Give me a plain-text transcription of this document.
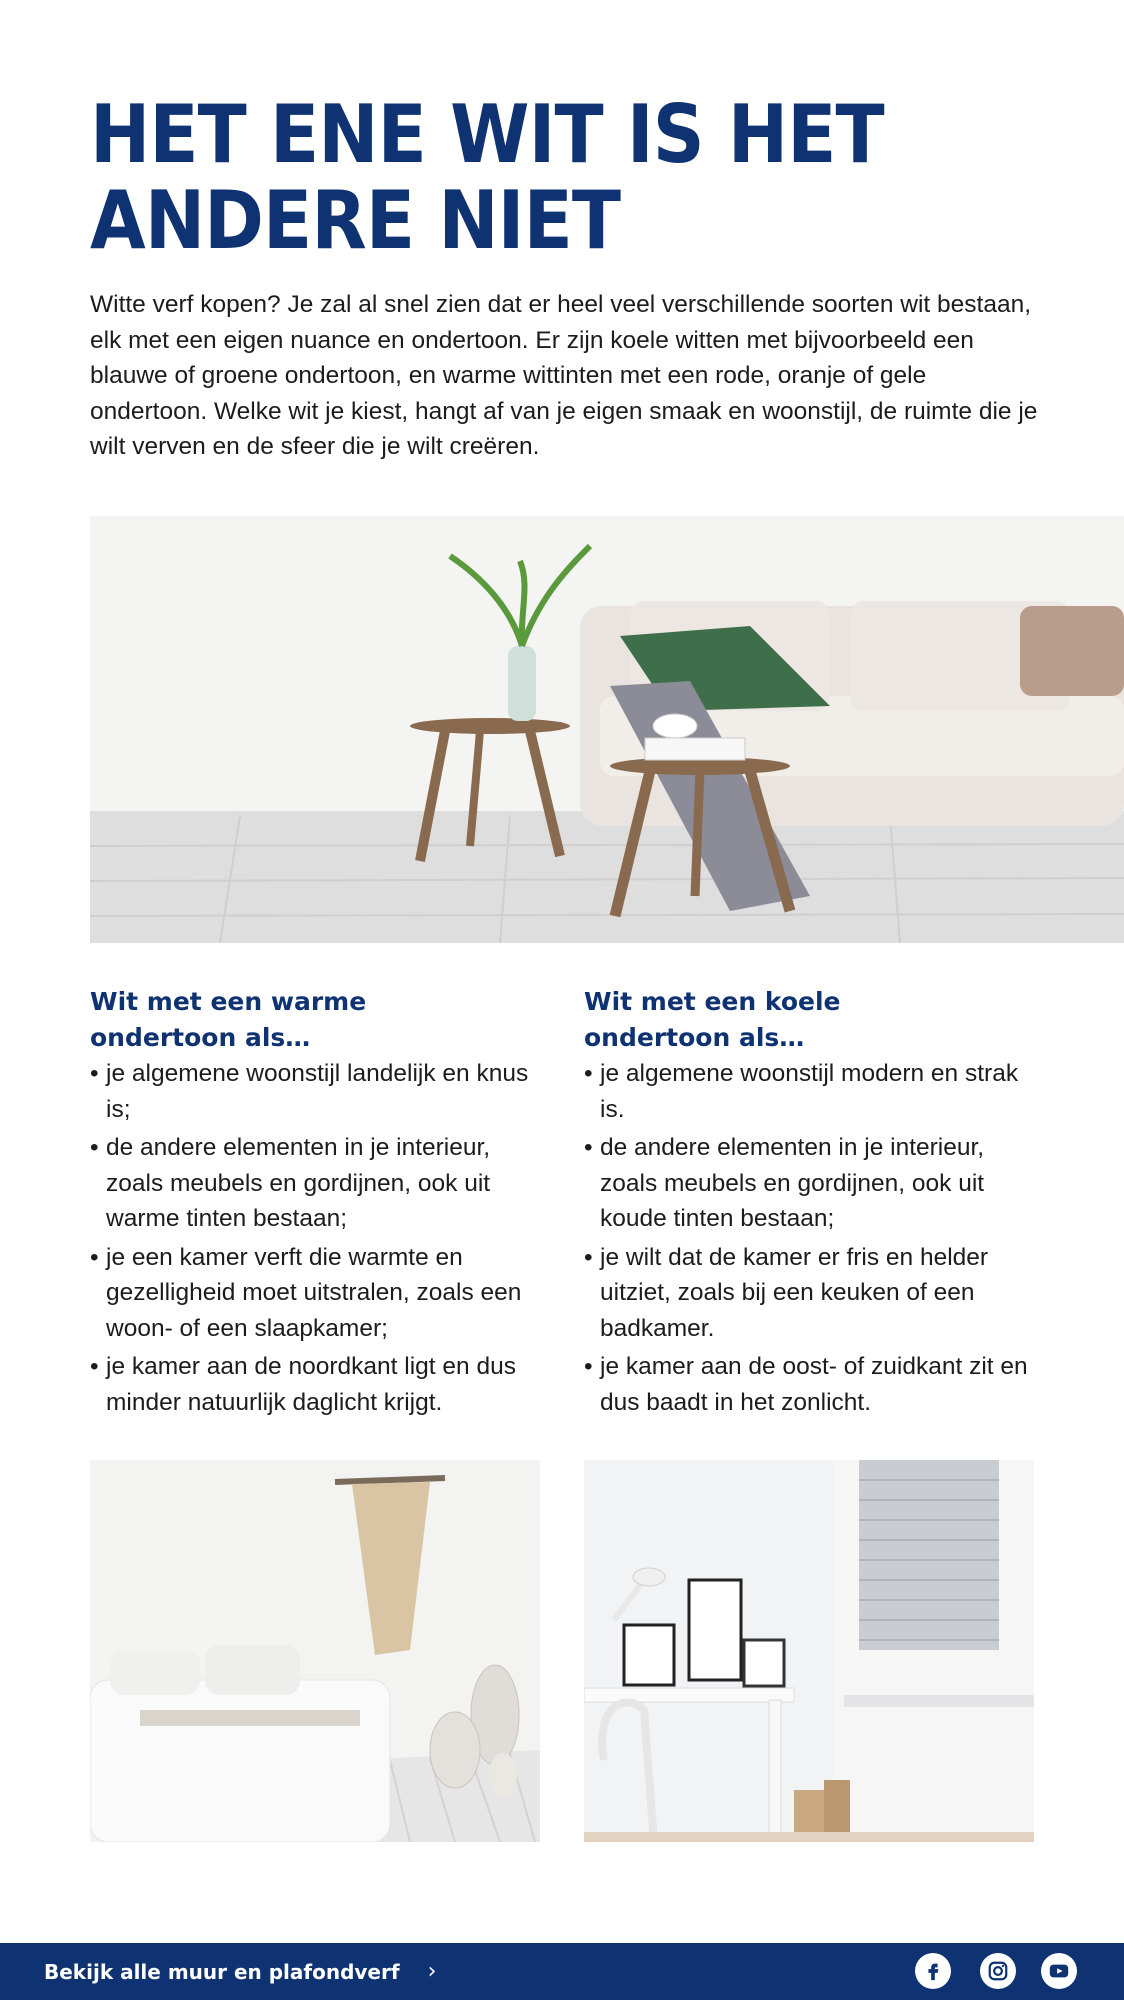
HET ENE WIT IS HET
ANDERE NIET

Witte verf kopen? Je zal al snel zien dat er heel veel verschillende soorten wit bestaan, elk met een eigen nuance en ondertoon. Er zijn koele witten met bijvoorbeeld een blauwe of groene ondertoon, en warme wittinten met een rode, oranje of gele ondertoon. Welke wit je kiest, hangt af van je eigen smaak en woonstijl, de ruimte die je wilt verven en de sfeer die je wilt creëren.

Wit met een warme
ondertoon als…
• je algemene woonstijl landelijk en knus is;
• de andere elementen in je interieur, zoals meubels en gordijnen, ook uit warme tinten bestaan;
• je een kamer verft die warmte en gezelligheid moet uitstralen, zoals een woon- of een slaapkamer;
• je kamer aan de noordkant ligt en dus minder natuurlijk daglicht krijgt.
Wit met een koele
ondertoon als…
• je algemene woonstijl modern en strak is.
• de andere elementen in je interieur, zoals meubels en gordijnen, ook uit koude tinten bestaan;
• je wilt dat de kamer er fris en helder uitziet, zoals bij een keuken of een badkamer.
• je kamer aan de oost- of zuidkant zit en dus baadt in het zonlicht.
Bekijk alle muur en plafondverf ›
